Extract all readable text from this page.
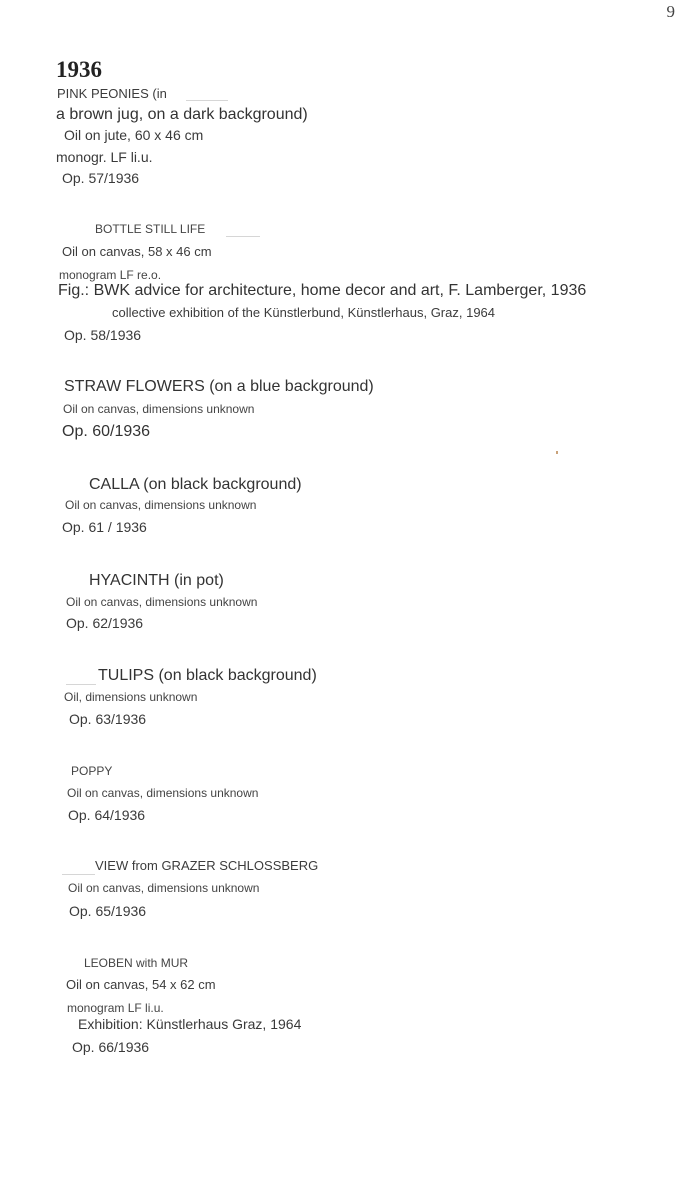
9
1936
PINK PEONIES (in
a brown jug, on a dark background)
Oil on jute, 60 x 46 cm
monogr. LF li.u.
Op. 57/1936
BOTTLE STILL LIFE
Oil on canvas, 58 x 46 cm
monogram LF re.o.
Fig.: BWK advice for architecture, home decor and art, F. Lamberger, 1936
collective exhibition of the Künstlerbund, Künstlerhaus, Graz, 1964
Op. 58/1936
STRAW FLOWERS (on a blue background)
Oil on canvas, dimensions unknown
Op. 60/1936
CALLA (on black background)
Oil on canvas, dimensions unknown
Op. 61 / 1936
HYACINTH (in pot)
Oil on canvas, dimensions unknown
Op. 62/1936
TULIPS (on black background)
Oil, dimensions unknown
Op. 63/1936
POPPY
Oil on canvas, dimensions unknown
Op. 64/1936
VIEW from GRAZER SCHLOSSBERG
Oil on canvas, dimensions unknown
Op. 65/1936
LEOBEN with MUR
Oil on canvas, 54 x 62 cm
monogram LF li.u.
Exhibition: Künstlerhaus Graz, 1964
Op. 66/1936
